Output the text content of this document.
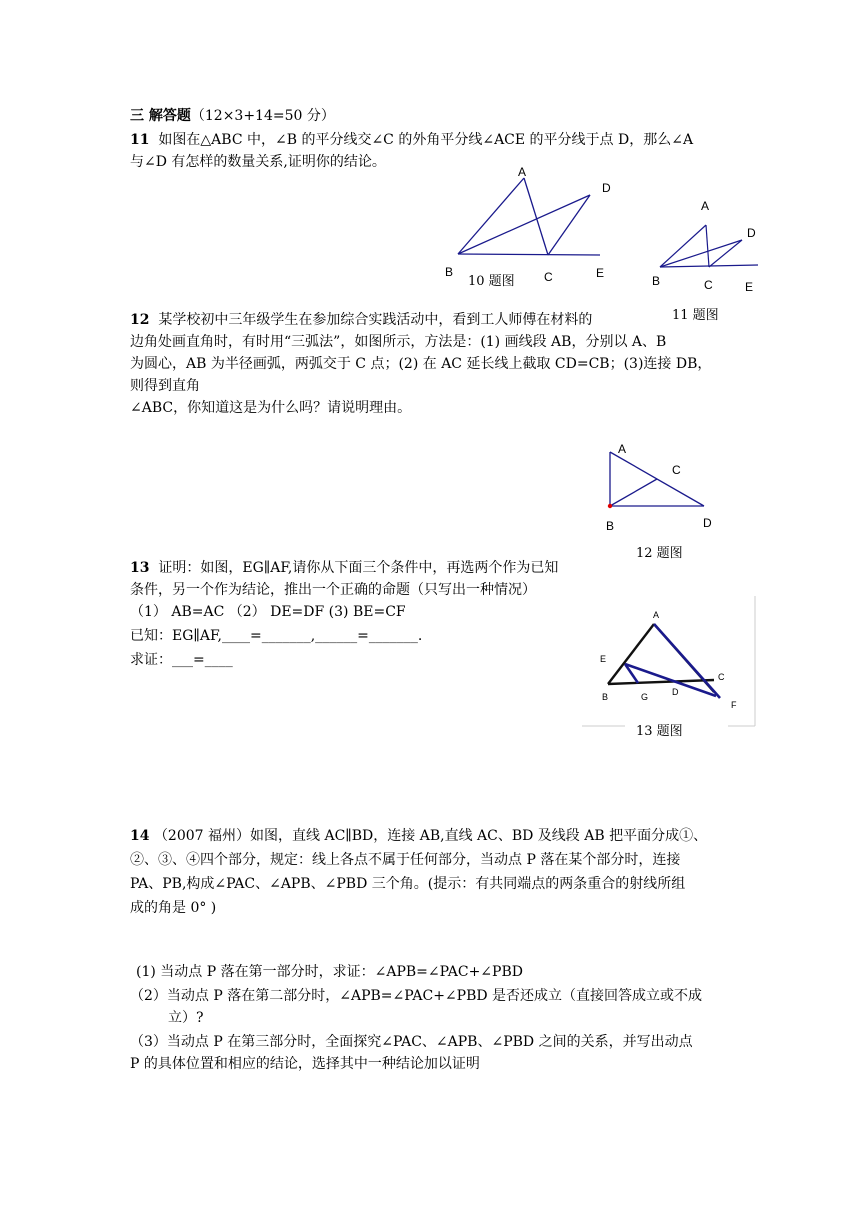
三 解答题（12×3+14=50 分）
11 如图在△ABC 中，∠B 的平分线交∠C 的外角平分线∠ACE 的平分线于点 D，那么∠A
与∠D 有怎样的数量关系,证明你的结论。
A
D
B	C	E
10 题图
A
D
B	C	E
11 题图
12 某学校初中三年级学生在参加综合实践活动中，看到工人师傅在材料的
边角处画直角时，有时用“三弧法”，如图所示，方法是：(1) 画线段 AB，分别以 A、B
为圆心，AB 为半径画弧，两弧交于 C 点；(2) 在 AC 延长线上截取 CD=CB；(3)连接 DB，
则得到直角
∠ABC，你知道这是为什么吗？请说明理由。
A
C
B	D
12 题图
13 证明：如图，EG∥AF,请你从下面三个条件中，再选两个作为已知
条件，另一个作为结论，推出一个正确的命题（只写出一种情况）
（1） AB=AC （2） DE=DF (3) BE=CF
已知：EG∥AF,____=_______,______=_______.
求证：___=____
A
E
C
B	G	D
F
13 题图
14 （2007 福州）如图，直线 AC∥BD，连接 AB,直线 AC、BD 及线段 AB 把平面分成①、
②、③、④四个部分，规定：线上各点不属于任何部分，当动点 P 落在某个部分时，连接
PA、PB,构成∠PAC、∠APB、∠PBD 三个角。(提示：有共同端点的两条重合的射线所组
成的角是 0° )
(1) 当动点 P 落在第一部分时，求证：∠APB=∠PAC+∠PBD
（2）当动点 P 落在第二部分时，∠APB=∠PAC+∠PBD 是否还成立（直接回答成立或不成
立）?
（3）当动点 P 在第三部分时，全面探究∠PAC、∠APB、∠PBD 之间的关系，并写出动点
P 的具体位置和相应的结论，选择其中一种结论加以证明
